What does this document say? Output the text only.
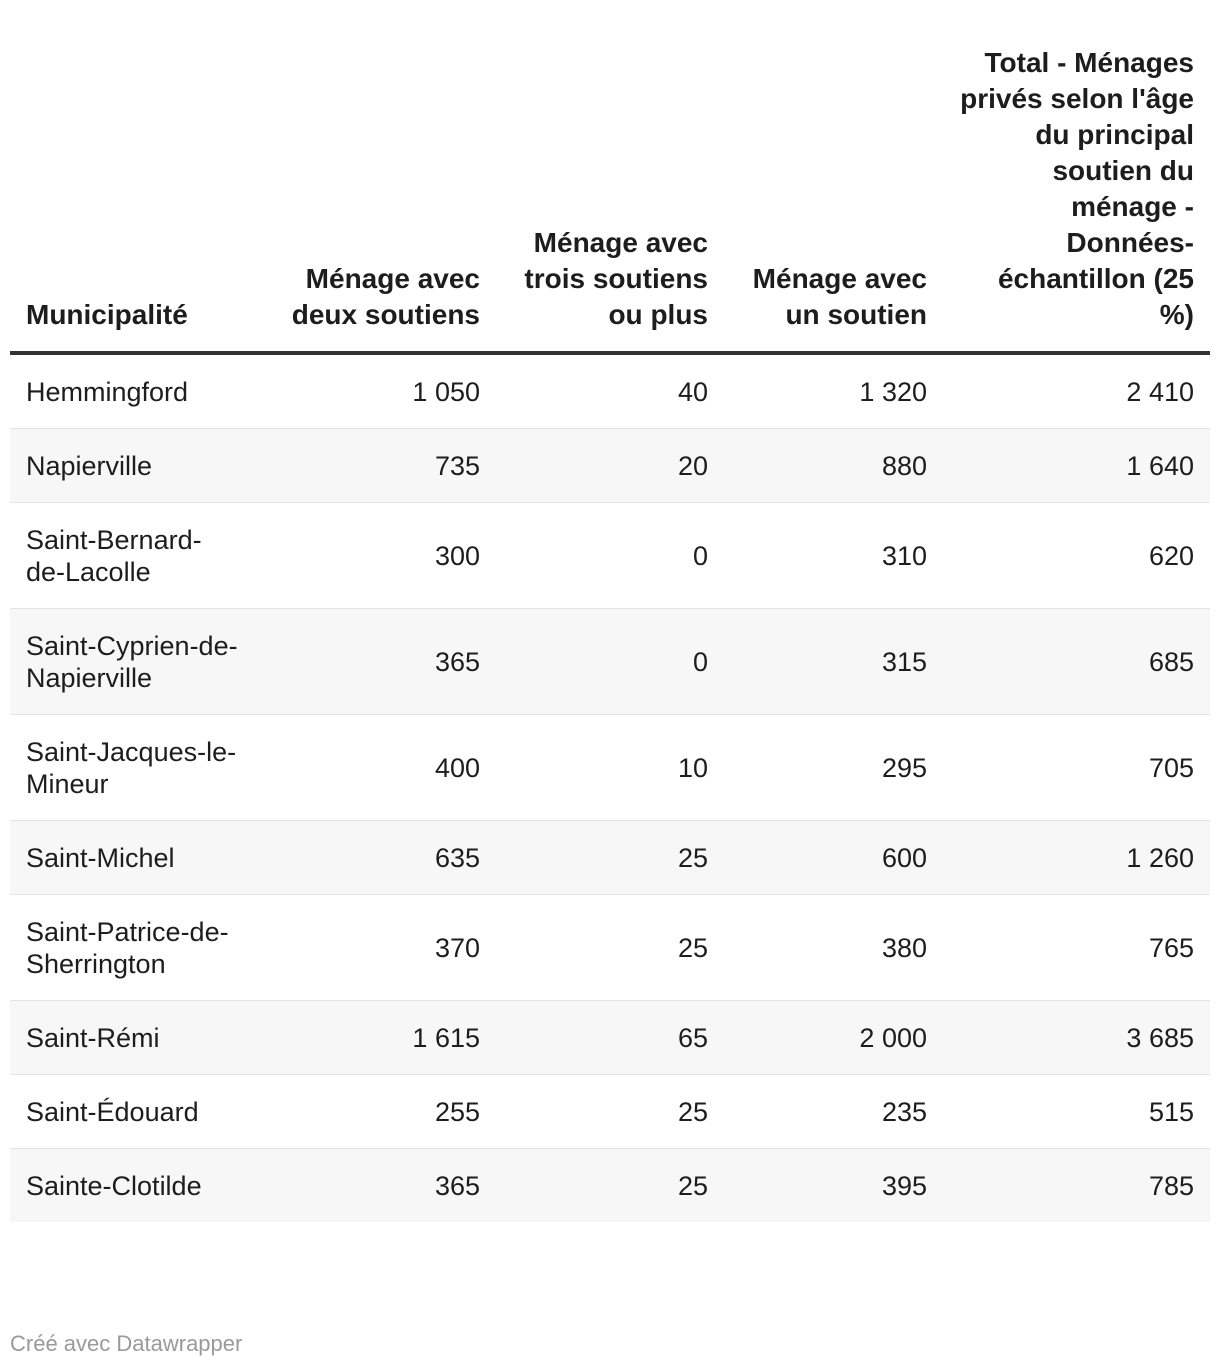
Municipalité	Ménage avec deux soutiens	Ménage avec trois soutiens ou plus	Ménage avec un soutien	Total - Ménages privés selon l'âge du principal soutien du ménage - Données-échantillon (25 %)
Hemmingford	1 050	40	1 320	2 410
Napierville	735	20	880	1 640
Saint-Bernard-de-Lacolle	300	0	310	620
Saint-Cyprien-de-Napierville	365	0	315	685
Saint-Jacques-le-Mineur	400	10	295	705
Saint-Michel	635	25	600	1 260
Saint-Patrice-de-Sherrington	370	25	380	765
Saint-Rémi	1 615	65	2 000	3 685
Saint-Édouard	255	25	235	515
Sainte-Clotilde	365	25	395	785
Créé avec Datawrapper
